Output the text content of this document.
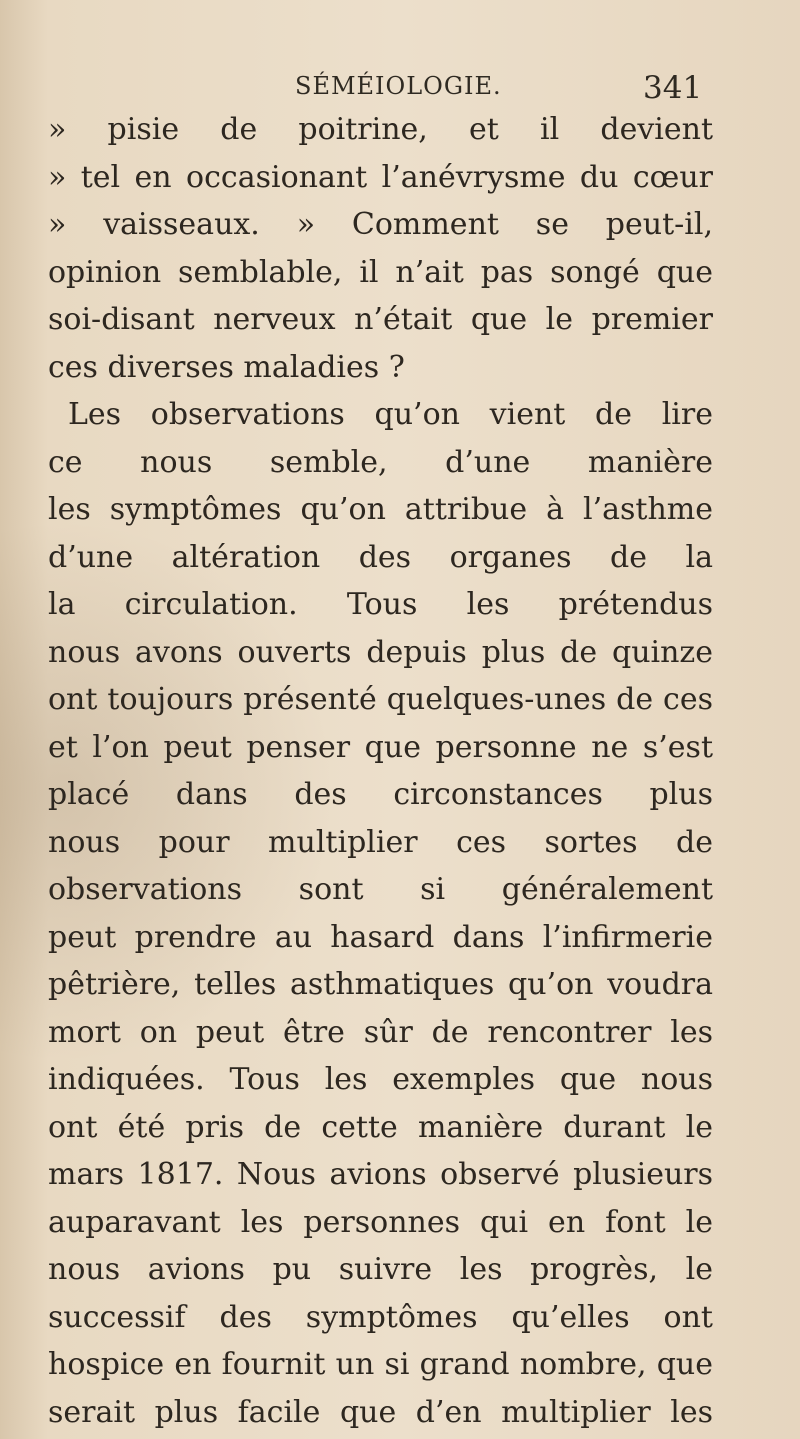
SÉMÉIOLOGIE.	341
» pisie de poitrine, et il devient
» tel en occasionant l’anévrysme du cœur
» vaisseaux. » Comment se peut-il,
opinion semblable, il n’ait pas songé que
soi-disant nerveux n’était que le premier
ces diverses maladies ?
Les observations qu’on vient de lire
ce nous semble, d’une manière
les symptômes qu’on attribue à l’asthme
d’une altération des organes de la
la circulation. Tous les prétendus
nous avons ouverts depuis plus de quinze
ont toujours présenté quelques-unes de ces
et l’on peut penser que personne ne s’est
placé dans des circonstances plus
nous pour multiplier ces sortes de
observations sont si généralement
peut prendre au hasard dans l’infirmerie
pêtrière, telles asthmatiques qu’on voudra
mort on peut être sûr de rencontrer les
indiquées. Tous les exemples que nous
ont été pris de cette manière durant le
mars 1817. Nous avions observé plusieurs
auparavant les personnes qui en font le
nous avions pu suivre les progrès, le
successif des symptômes qu’elles ont
hospice en fournit un si grand nombre, que
serait plus facile que d’en multiplier les
